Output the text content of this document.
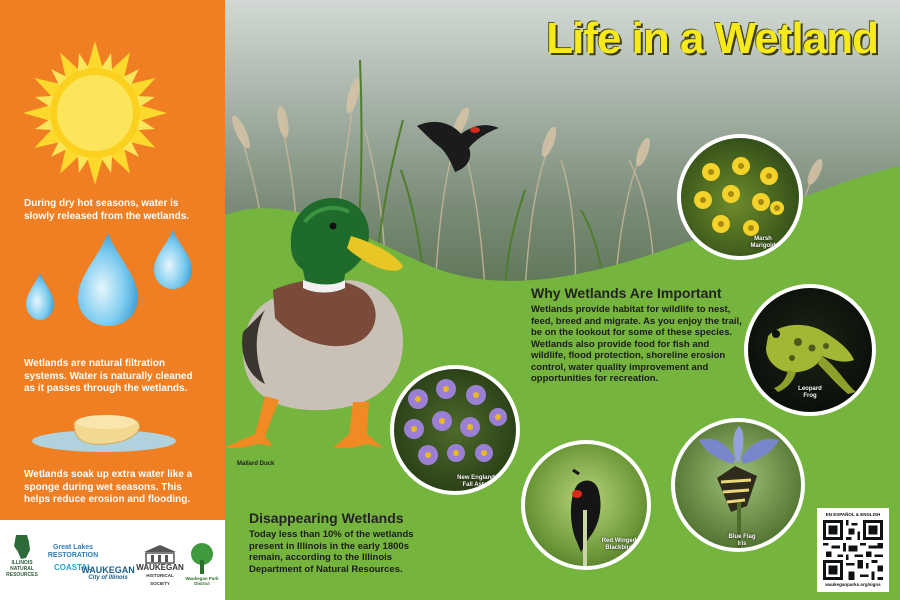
During dry hot seasons, water is slowly released from the wetlands.

Wetlands are natural filtration systems. Water is naturally cleaned as it passes through the wetlands.

Wetlands soak up extra water like a sponge during wet seasons. This helps reduce erosion and flooding.

ILLINOIS NATURAL RESOURCES
Great Lakes RESTORATION
COASTAL
WAUKEGAN
City of Illinois
WAUKEGAN
HISTORICAL SOCIETY
Waukegan Park District
Life in a Wetland
Mallard Duck
Marsh Marigold
Leopard Frog
New England Fall Aster
Red Winged Blackbird
Blue Flag Iris
Why Wetlands Are Important

Wetlands provide habitat for wildlife to nest, feed, breed and migrate. As you enjoy the trail, be on the lookout for some of these species. Wetlands also provide food for fish and wildlife, flood protection, shoreline erosion control, water quality improvement and opportunities for recreation.

Disappearing Wetlands

Today less than 10% of the wetlands present in Illinois in the early 1800s remain, according to the Illinois Department of Natural Resources.

EN ESPAÑOL & ENGLISH
waukeganparks.org/signs
